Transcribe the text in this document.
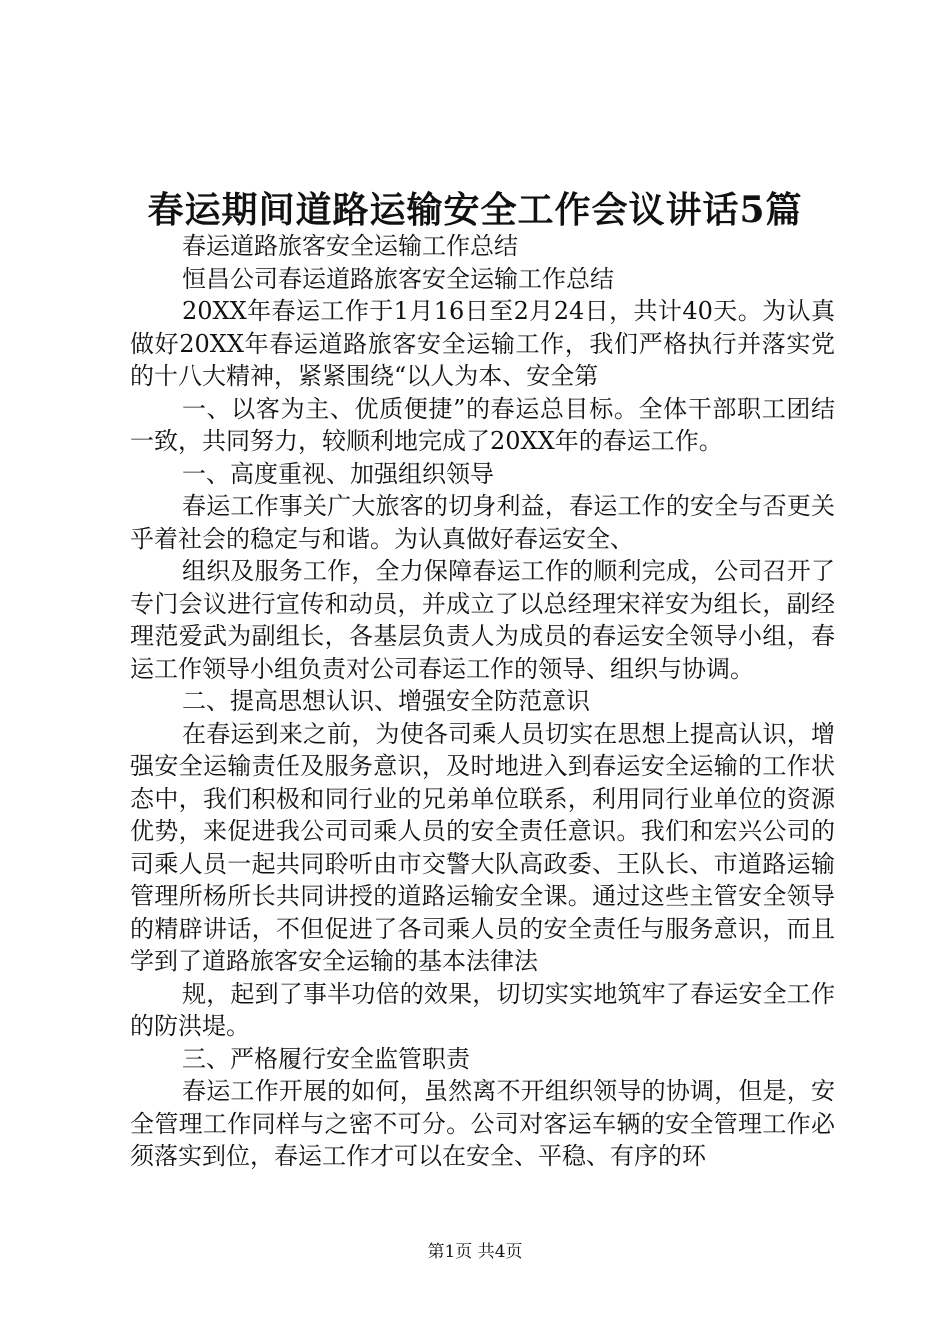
春运期间道路运输安全工作会议讲话5篇

春运道路旅客安全运输工作总结

恒昌公司春运道路旅客安全运输工作总结

20XX年春运工作于1月16日至2月24日，共计40天。为认真做好20XX年春运道路旅客安全运输工作，我们严格执行并落实党的十八大精神，紧紧围绕“以人为本、安全第

一、以客为主、优质便捷”的春运总目标。全体干部职工团结一致，共同努力，较顺利地完成了20XX年的春运工作。

一、高度重视、加强组织领导

春运工作事关广大旅客的切身利益，春运工作的安全与否更关乎着社会的稳定与和谐。为认真做好春运安全、

组织及服务工作，全力保障春运工作的顺利完成，公司召开了专门会议进行宣传和动员，并成立了以总经理宋祥安为组长，副经理范爱武为副组长，各基层负责人为成员的春运安全领导小组，春运工作领导小组负责对公司春运工作的领导、组织与协调。

二、提高思想认识、增强安全防范意识

在春运到来之前，为使各司乘人员切实在思想上提高认识，增强安全运输责任及服务意识，及时地进入到春运安全运输的工作状态中，我们积极和同行业的兄弟单位联系，利用同行业单位的资源优势，来促进我公司司乘人员的安全责任意识。我们和宏兴公司的司乘人员一起共同聆听由市交警大队高政委、王队长、市道路运输管理所杨所长共同讲授的道路运输安全课。通过这些主管安全领导的精辟讲话，不但促进了各司乘人员的安全责任与服务意识，而且学到了道路旅客安全运输的基本法律法

规，起到了事半功倍的效果，切切实实地筑牢了春运安全工作的防洪堤。

三、严格履行安全监管职责

春运工作开展的如何，虽然离不开组织领导的协调，但是，安全管理工作同样与之密不可分。公司对客运车辆的安全管理工作必须落实到位，春运工作才可以在安全、平稳、有序的环

第1页 共4页
